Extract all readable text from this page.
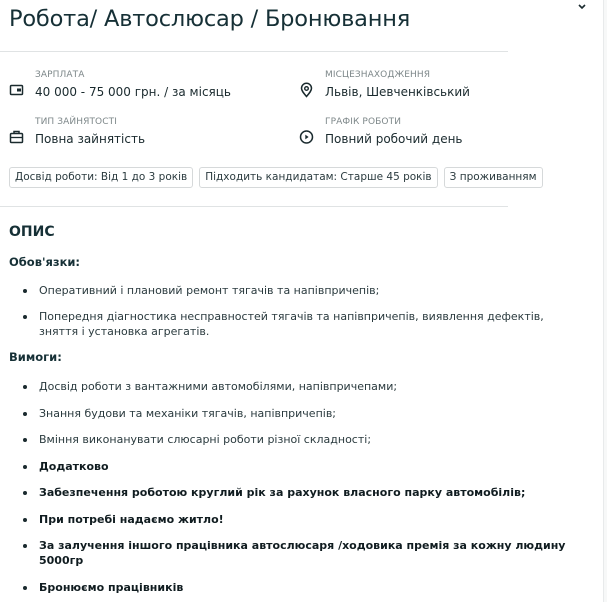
Робота/ Автослюсар / Бронювання
ЗАРПЛАТА
40 000 - 75 000 грн. / за місяць
ТИП ЗАЙНЯТОСТІ
Повна зайнятість
МІСЦЕЗНАХОДЖЕННЯ
Львів, Шевченківський
ГРАФІК РОБОТИ
Повний робочий день
Досвід роботи: Від 1 до 3 років	Підходить кандидатам: Старше 45 років	З проживанням
ОПИС
Обов'язки:
Оперативний і плановий ремонт тягачів та напівпричепів;
Попередня діагностика несправностей тягачів та напівпричепів, виявлення дефектів, зняття і установка агрегатів.
Вимоги:
Досвід роботи з вантажними автомобілями, напівпричепами;
Знання будови та механіки тягачів, напівпричепів;
Вміння виконанувати слюсарні роботи різної складності;
Додатково
Забезпечення роботою круглий рік за рахунок власного парку автомобілів;
При потребі надаємо житло!
За залучення іншого працівника автослюсаря /ходовика премія за кожну людину 5000гр
Бронюємо працівників
